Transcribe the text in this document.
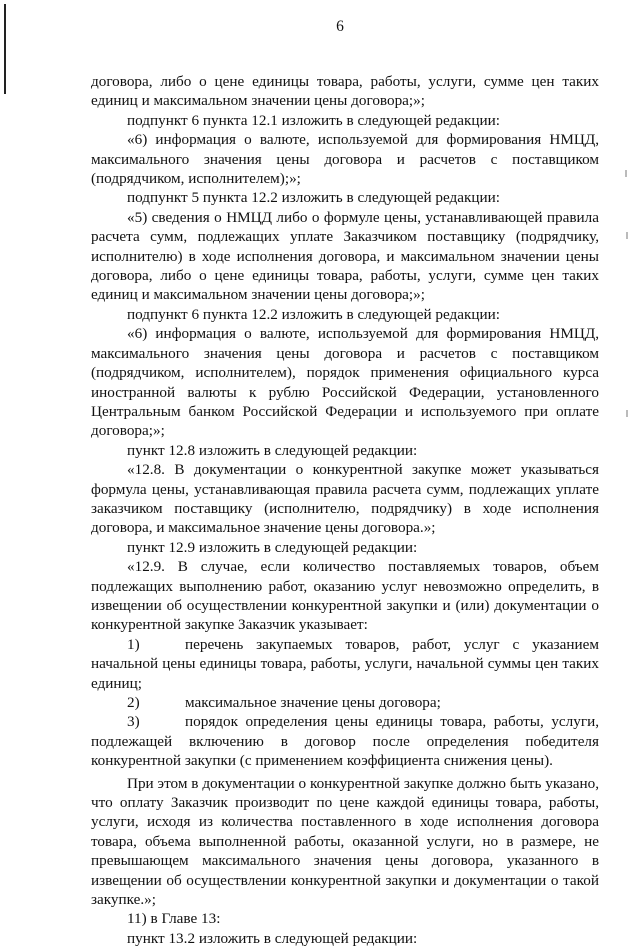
6

договора, либо о цене единицы товара, работы, услуги, сумме цен таких единиц и максимальном значении цены договора;»;

подпункт 6 пункта 12.1 изложить в следующей редакции:

«6) информация о валюте, используемой для формирования НМЦД, максимального значения цены договора и расчетов с поставщиком (подрядчиком, исполнителем);»;

подпункт 5 пункта 12.2 изложить в следующей редакции:

«5) сведения о НМЦД либо о формуле цены, устанавливающей правила расчета сумм, подлежащих уплате Заказчиком поставщику (подрядчику, исполнителю) в ходе исполнения договора, и максимальном значении цены договора, либо о цене единицы товара, работы, услуги, сумме цен таких единиц и максимальном значении цены договора;»;

подпункт 6 пункта 12.2 изложить в следующей редакции:

«6) информация о валюте, используемой для формирования НМЦД, максимального значения цены договора и расчетов с поставщиком (подрядчиком, исполнителем), порядок применения официального курса иностранной валюты к рублю Российской Федерации, установленного Центральным банком Российской Федерации и используемого при оплате договора;»;

пункт 12.8 изложить в следующей редакции:

«12.8. В документации о конкурентной закупке может указываться формула цены, устанавливающая правила расчета сумм, подлежащих уплате заказчиком поставщику (исполнителю, подрядчику) в ходе исполнения договора, и максимальное значение цены договора.»;

пункт 12.9 изложить в следующей редакции:

«12.9. В случае, если количество поставляемых товаров, объем подлежащих выполнению работ, оказанию услуг невозможно определить, в извещении об осуществлении конкурентной закупки и (или) документации о конкурентной закупке Заказчик указывает:

1)	перечень закупаемых товаров, работ, услуг с указанием начальной цены единицы товара, работы, услуги, начальной суммы цен таких единиц;

2)	максимальное значение цены договора;

3)	порядок определения цены единицы товара, работы, услуги, подлежащей включению в договор после определения победителя конкурентной закупки (с применением коэффициента снижения цены).

При этом в документации о конкурентной закупке должно быть указано, что оплату Заказчик производит по цене каждой единицы товара, работы, услуги, исходя из количества поставленного в ходе исполнения договора товара, объема выполненной работы, оказанной услуги, но в размере, не превышающем максимального значения цены договора, указанного в извещении об осуществлении конкурентной закупки и документации о такой закупке.»;

11) в Главе 13:

пункт 13.2 изложить в следующей редакции:
